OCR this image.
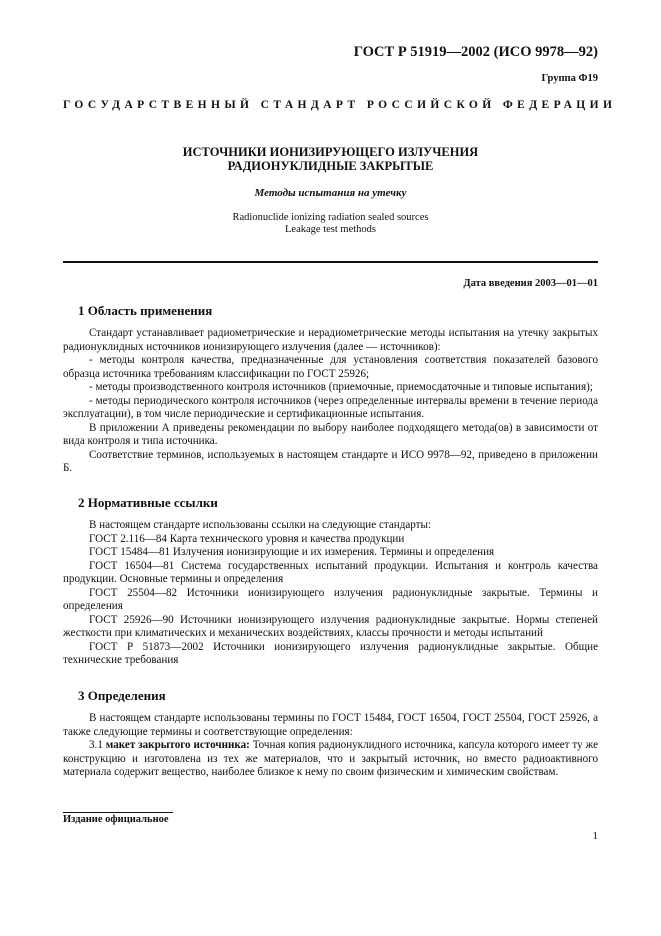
ГОСТ Р 51919—2002 (ИСО 9978—92)
Группа Ф19
ГОСУДАРСТВЕННЫЙ СТАНДАРТ РОССИЙСКОЙ ФЕДЕРАЦИИ
ИСТОЧНИКИ ИОНИЗИРУЮЩЕГО ИЗЛУЧЕНИЯ
РАДИОНУКЛИДНЫЕ ЗАКРЫТЫЕ
Методы испытания на утечку
Radionuclide ionizing radiation sealed sources
Leakage test methods
Дата введения 2003—01—01
1 Область применения

Стандарт устанавливает радиометрические и нерадиометрические методы испытания на утечку закрытых радионуклидных источников ионизирующего излучения (далее — источников):

- методы контроля качества, предназначенные для установления соответствия показателей базового образца источника требованиям классификации по ГОСТ 25926;

- методы производственного контроля источников (приемочные, приемосдаточные и типовые испытания);

- методы периодического контроля источников (через определенные интервалы времени в течение периода эксплуатации), в том числе периодические и сертификационные испытания.

В приложении А приведены рекомендации по выбору наиболее подходящего метода(ов) в зависимости от вида контроля и типа источника.

Соответствие терминов, используемых в настоящем стандарте и ИСО 9978—92, приведено в приложении Б.

2 Нормативные ссылки

В настоящем стандарте использованы ссылки на следующие стандарты:

ГОСТ 2.116—84 Карта технического уровня и качества продукции

ГОСТ 15484—81 Излучения ионизирующие и их измерения. Термины и определения

ГОСТ 16504—81 Система государственных испытаний продукции. Испытания и контроль качества продукции. Основные термины и определения

ГОСТ 25504—82 Источники ионизирующего излучения радионуклидные закрытые. Термины и определения

ГОСТ 25926—90 Источники ионизирующего излучения радионуклидные закрытые. Нормы степеней жесткости при климатических и механических воздействиях, классы прочности и методы испытаний

ГОСТ Р 51873—2002 Источники ионизирующего излучения радионуклидные закрытые. Общие технические требования

3 Определения

В настоящем стандарте использованы термины по ГОСТ 15484, ГОСТ 16504, ГОСТ 25504, ГОСТ 25926, а также следующие термины и соответствующие определения:

3.1 макет закрытого источника: Точная копия радионуклидного источника, капсула которого имеет ту же конструкцию и изготовлена из тех же материалов, что и закрытый источник, но вместо радиоактивного материала содержит вещество, наиболее близкое к нему по своим физическим и химическим свойствам.

Издание официальное
1
